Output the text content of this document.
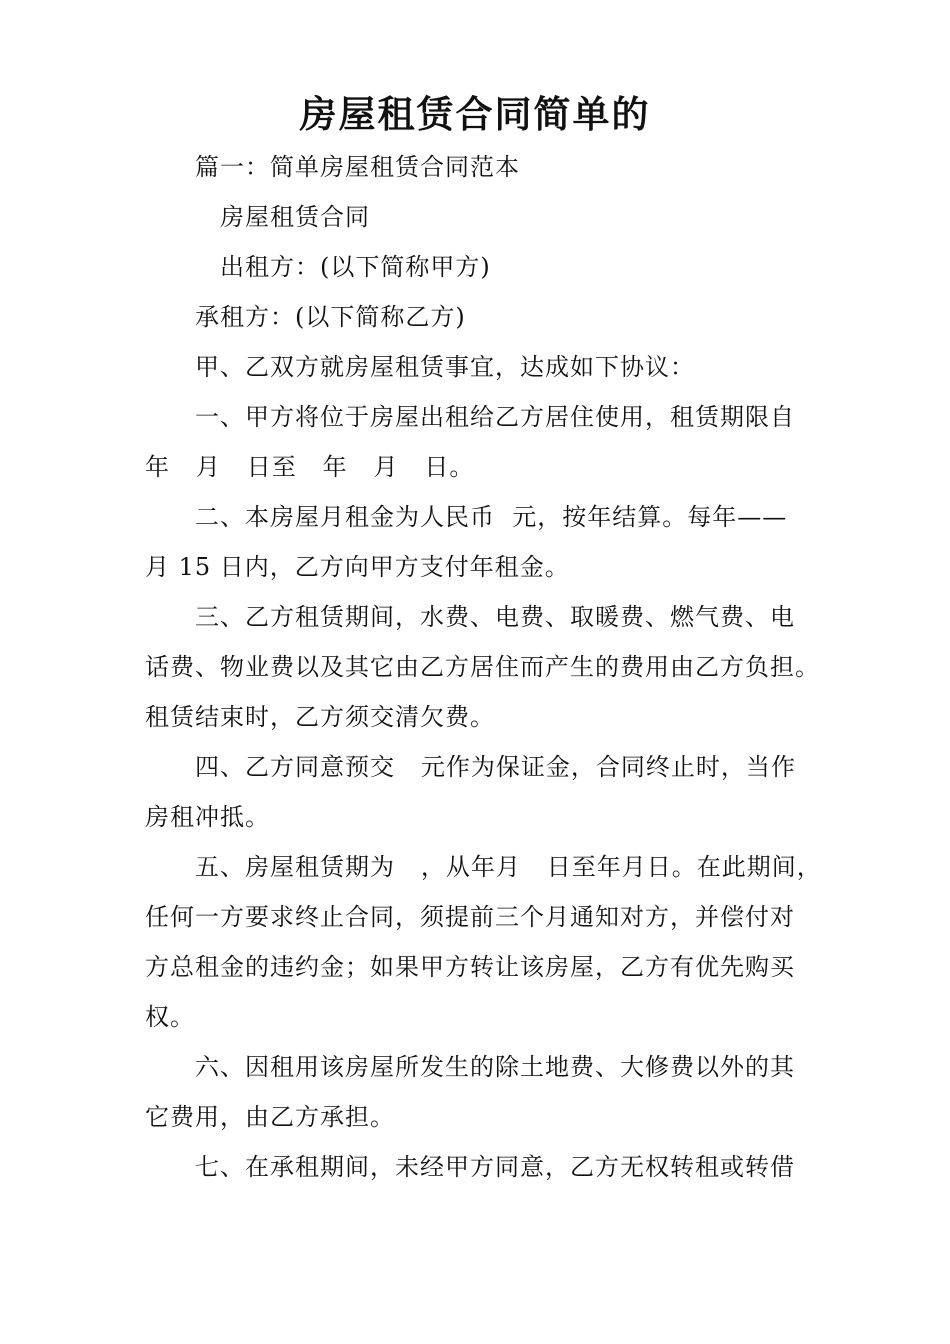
房屋租赁合同简单的
篇一：简单房屋租赁合同范本
房屋租赁合同
出租方：(以下简称甲方)
承租方：(以下简称乙方)
甲、乙双方就房屋租赁事宜，达成如下协议：
一、甲方将位于房屋出租给乙方居住使用，租赁期限自
年   月   日至   年   月   日。
二、本房屋月租金为人民币  元，按年结算。每年——
月 15 日内，乙方向甲方支付年租金。
三、乙方租赁期间，水费、电费、取暖费、燃气费、电
话费、物业费以及其它由乙方居住而产生的费用由乙方负担。
租赁结束时，乙方须交清欠费。
四、乙方同意预交   元作为保证金，合同终止时，当作
房租冲抵。
五、房屋租赁期为   ，从年月   日至年月日。在此期间，
任何一方要求终止合同，须提前三个月通知对方，并偿付对
方总租金的违约金；如果甲方转让该房屋，乙方有优先购买
权。
六、因租用该房屋所发生的除土地费、大修费以外的其
它费用，由乙方承担。
七、在承租期间，未经甲方同意，乙方无权转租或转借
